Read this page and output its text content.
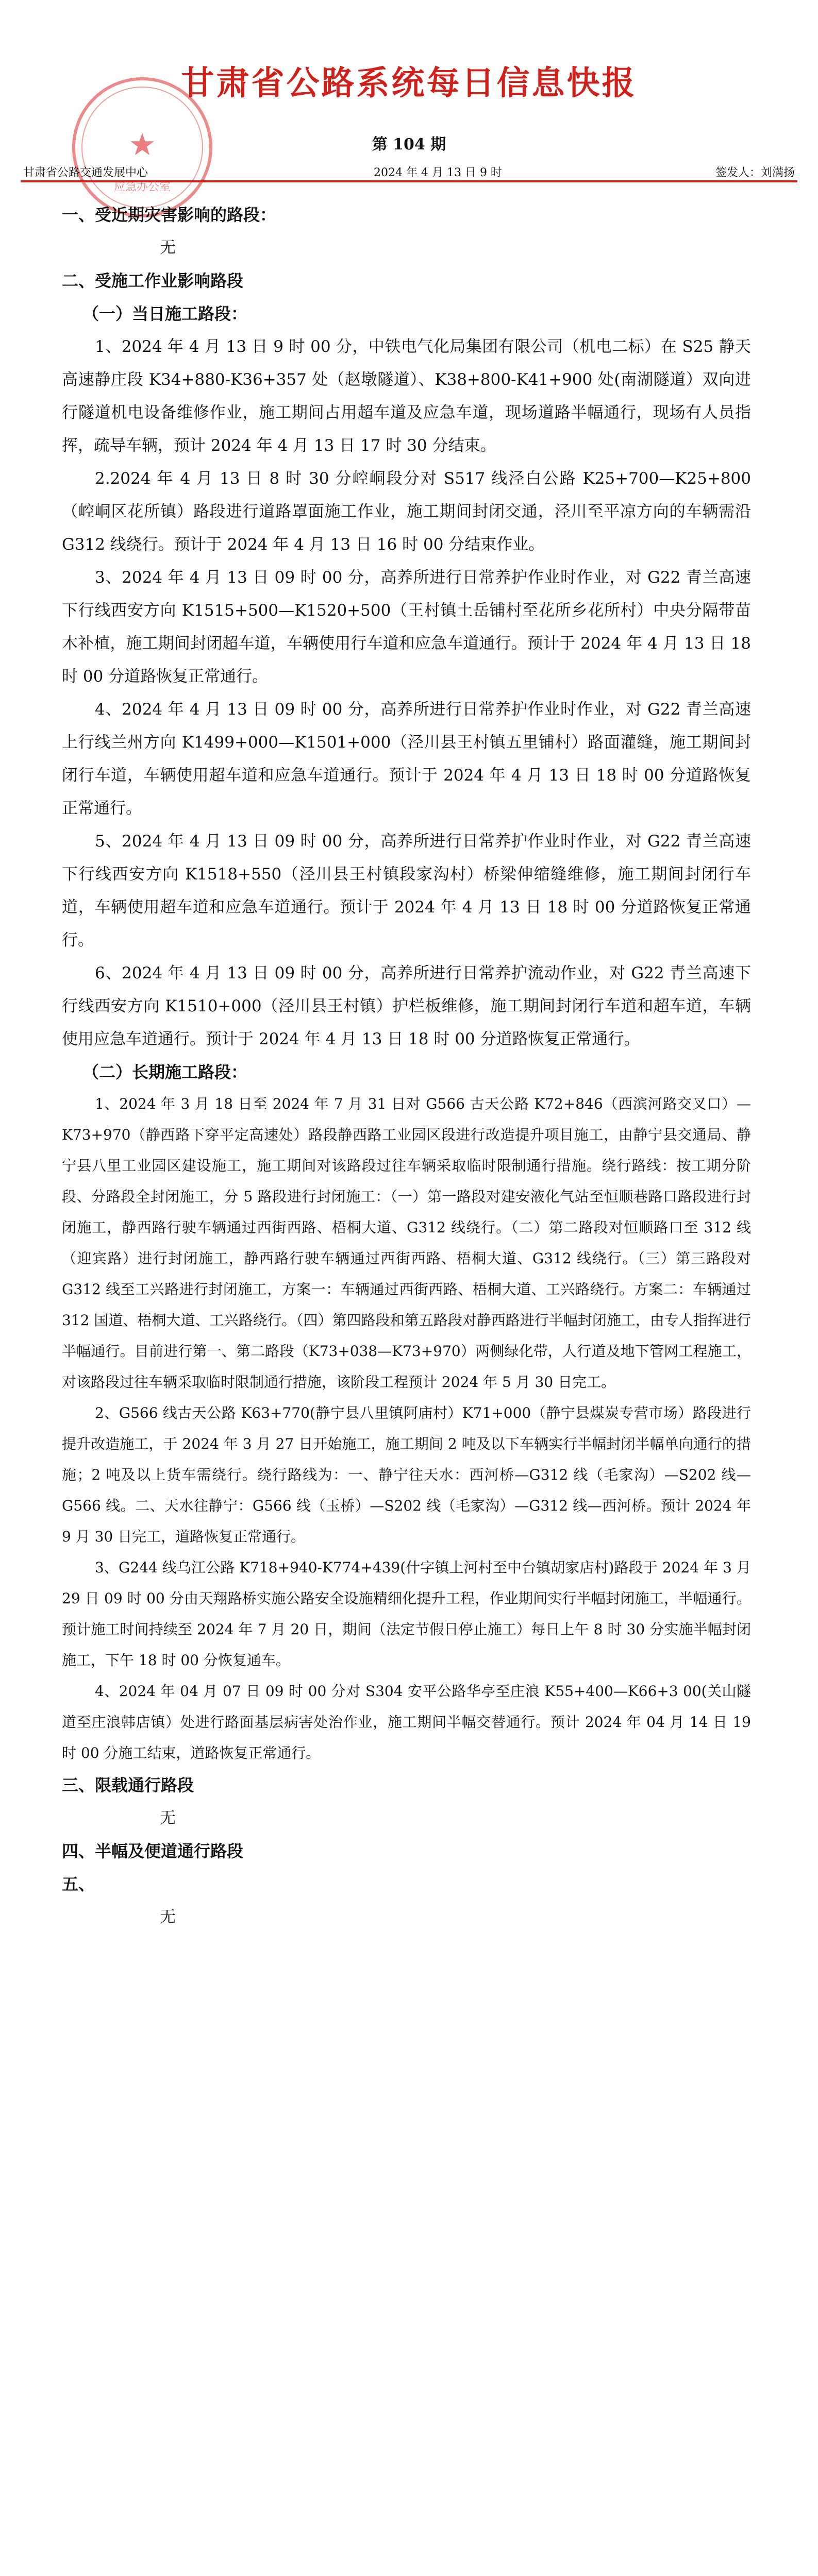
★
应急办公室
甘肃省公路系统每日信息快报
第 104 期
甘肃省公路交通发展中心	2024 年 4 月 13 日 9 时	签发人：刘满扬

一、受近期灾害影响的路段：

无

二、受施工作业影响路段

（一）当日施工路段：

1、2024 年 4 月 13 日 9 时 00 分，中铁电气化局集团有限公司（机电二标）在 S25 静天高速静庄段 K34+880-K36+357 处（赵墩隧道）、K38+800-K41+900 处(南湖隧道）双向进行隧道机电设备维修作业，施工期间占用超车道及应急车道，现场道路半幅通行，现场有人员指挥，疏导车辆，预计 2024 年 4 月 13 日 17 时 30 分结束。

2.2024 年 4 月 13 日 8 时 30 分崆峒段分对 S517 线泾白公路 K25+700—K25+800（崆峒区花所镇）路段进行道路罩面施工作业，施工期间封闭交通，泾川至平凉方向的车辆需沿 G312 线绕行。预计于 2024 年 4 月 13 日 16 时 00 分结束作业。

3、2024 年 4 月 13 日 09 时 00 分，高养所进行日常养护作业时作业，对 G22 青兰高速下行线西安方向 K1515+500—K1520+500（王村镇土岳铺村至花所乡花所村）中央分隔带苗木补植，施工期间封闭超车道，车辆使用行车道和应急车道通行。预计于 2024 年 4 月 13 日 18 时 00 分道路恢复正常通行。

4、2024 年 4 月 13 日 09 时 00 分，高养所进行日常养护作业时作业，对 G22 青兰高速上行线兰州方向 K1499+000—K1501+000（泾川县王村镇五里铺村）路面灌缝，施工期间封闭行车道，车辆使用超车道和应急车道通行。预计于 2024 年 4 月 13 日 18 时 00 分道路恢复正常通行。

5、2024 年 4 月 13 日 09 时 00 分，高养所进行日常养护作业时作业，对 G22 青兰高速下行线西安方向 K1518+550（泾川县王村镇段家沟村）桥梁伸缩缝维修，施工期间封闭行车道，车辆使用超车道和应急车道通行。预计于 2024 年 4 月 13 日 18 时 00 分道路恢复正常通行。

6、2024 年 4 月 13 日 09 时 00 分，高养所进行日常养护流动作业，对 G22 青兰高速下行线西安方向 K1510+000（泾川县王村镇）护栏板维修，施工期间封闭行车道和超车道，车辆使用应急车道通行。预计于 2024 年 4 月 13 日 18 时 00 分道路恢复正常通行。

（二）长期施工路段：

1、2024 年 3 月 18 日至 2024 年 7 月 31 日对 G566 古天公路 K72+846（西滨河路交叉口）—K73+970（静西路下穿平定高速处）路段静西路工业园区段进行改造提升项目施工，由静宁县交通局、静宁县八里工业园区建设施工，施工期间对该路段过往车辆采取临时限制通行措施。绕行路线：按工期分阶段、分路段全封闭施工，分 5 路段进行封闭施工：（一）第一路段对建安液化气站至恒顺巷路口路段进行封闭施工，静西路行驶车辆通过西街西路、梧桐大道、G312 线绕行。（二）第二路段对恒顺路口至 312 线（迎宾路）进行封闭施工，静西路行驶车辆通过西街西路、梧桐大道、G312 线绕行。（三）第三路段对 G312 线至工兴路进行封闭施工，方案一：车辆通过西街西路、梧桐大道、工兴路绕行。方案二：车辆通过 312 国道、梧桐大道、工兴路绕行。（四）第四路段和第五路段对静西路进行半幅封闭施工，由专人指挥进行半幅通行。目前进行第一、第二路段（K73+038—K73+970）两侧绿化带，人行道及地下管网工程施工，对该路段过往车辆采取临时限制通行措施，该阶段工程预计 2024 年 5 月 30 日完工。

2、G566 线古天公路 K63+770(静宁县八里镇阿庙村）K71+000（静宁县煤炭专营市场）路段进行提升改造施工，于 2024 年 3 月 27 日开始施工，施工期间 2 吨及以下车辆实行半幅封闭半幅单向通行的措施；2 吨及以上货车需绕行。绕行路线为：一、静宁往天水：西河桥—G312 线（毛家沟）—S202 线—G566 线。二、天水往静宁：G566 线（玉桥）—S202 线（毛家沟）—G312 线—西河桥。预计 2024 年 9 月 30 日完工，道路恢复正常通行。

3、G244 线乌江公路 K718+940-K774+439(什字镇上河村至中台镇胡家店村)路段于 2024 年 3 月 29 日 09 时 00 分由天翔路桥实施公路安全设施精细化提升工程，作业期间实行半幅封闭施工，半幅通行。预计施工时间持续至 2024 年 7 月 20 日，期间（法定节假日停止施工）每日上午 8 时 30 分实施半幅封闭施工，下午 18 时 00 分恢复通车。

4、2024 年 04 月 07 日 09 时 00 分对 S304 安平公路华亭至庄浪 K55+400—K66+3 00(关山隧道至庄浪韩店镇）处进行路面基层病害处治作业，施工期间半幅交替通行。预计 2024 年 04 月 14 日 19 时 00 分施工结束，道路恢复正常通行。

三、限载通行路段

无

四、半幅及便道通行路段

五、

无
